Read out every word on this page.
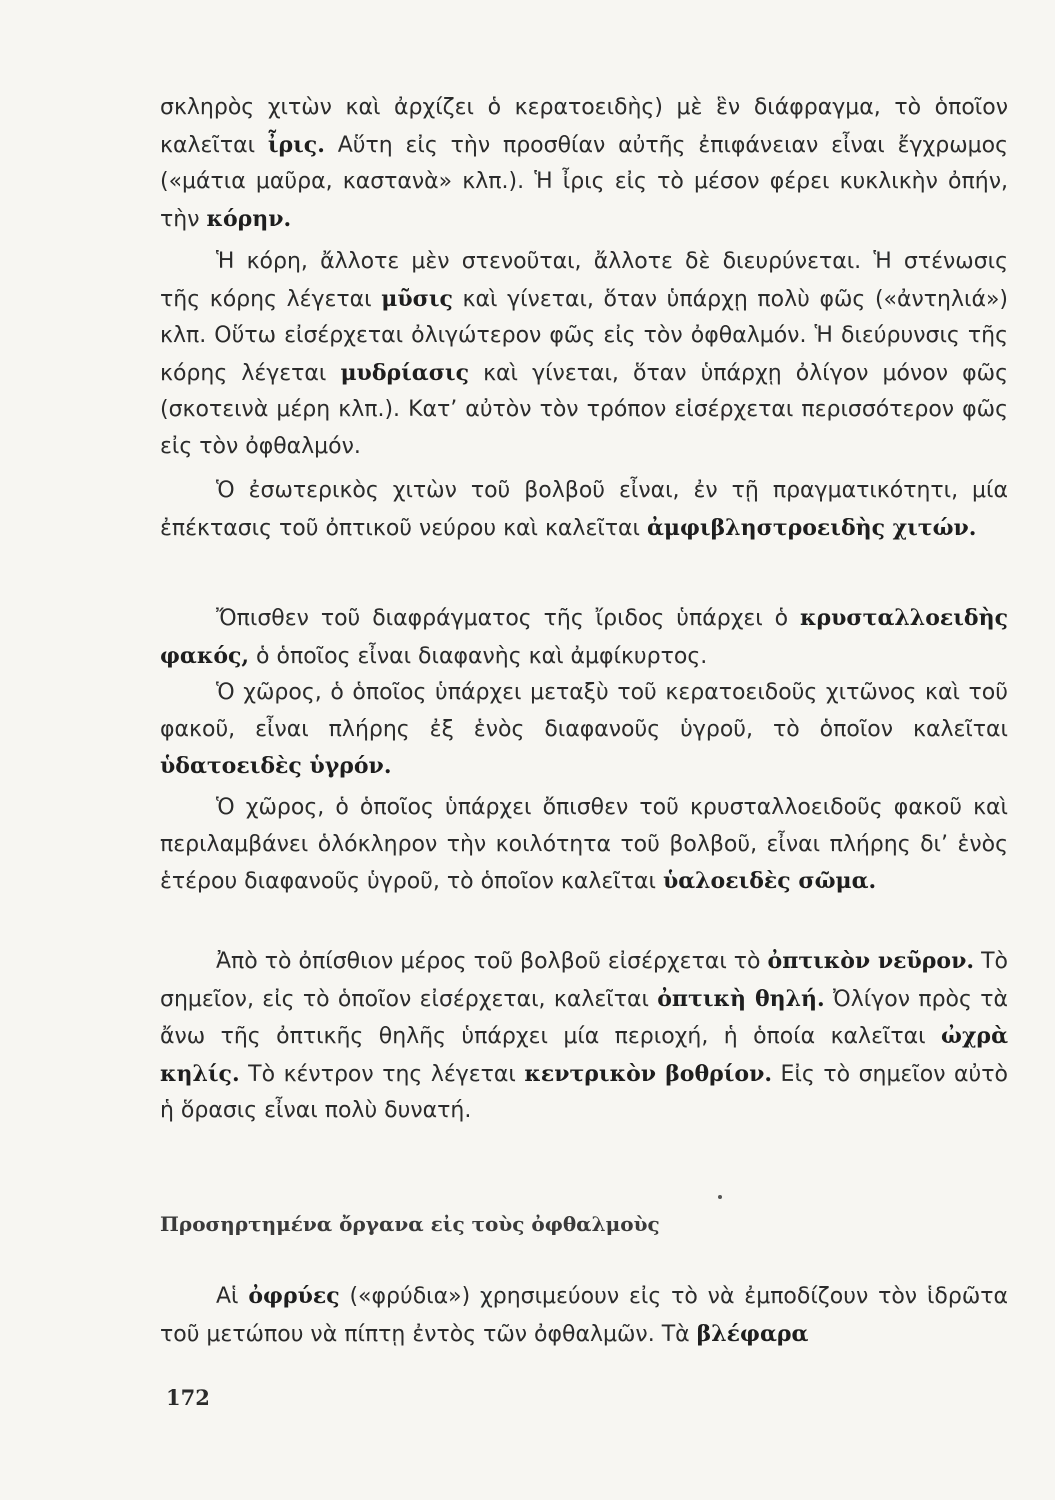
σκληρὸς χιτὼν καὶ ἀρχίζει ὁ κερατοειδὴς) μὲ ἓν διάφραγμα, τὸ ὁποῖον καλεῖται ἶρις. Αὕτη εἰς τὴν προσθίαν αὐτῆς ἐπιφάνειαν εἶναι ἔγχρωμος («μάτια μαῦρα, καστανὰ» κλπ.). Ἡ ἶρις εἰς τὸ μέσον φέρει κυκλικὴν ὀπήν, τὴν κόρην.

Ἡ κόρη, ἄλλοτε μὲν στενοῦται, ἄλλοτε δὲ διευρύνεται. Ἡ στένωσις τῆς κόρης λέγεται μῦσις καὶ γίνεται, ὅταν ὑπάρχῃ πολὺ φῶς («ἀντηλιά») κλπ. Οὕτω εἰσέρχεται ὀλιγώτερον φῶς εἰς τὸν ὀφθαλμόν. Ἡ διεύρυνσις τῆς κόρης λέγεται μυδρίασις καὶ γίνεται, ὅταν ὑπάρχῃ ὀλίγον μόνον φῶς (σκοτεινὰ μέρη κλπ.). Κατ’ αὐτὸν τὸν τρόπον εἰσέρχεται περισσότερον φῶς εἰς τὸν ὀφθαλμόν.

Ὁ ἐσωτερικὸς χιτὼν τοῦ βολβοῦ εἶναι, ἐν τῇ πραγματικότητι, μία ἐπέκτασις τοῦ ὀπτικοῦ νεύρου καὶ καλεῖται ἀμφιβληστροειδὴς χιτών.

Ὄπισθεν τοῦ διαφράγματος τῆς ἴριδος ὑπάρχει ὁ κρυσταλλοειδὴς φακός, ὁ ὁποῖος εἶναι διαφανὴς καὶ ἀμφίκυρτος.

Ὁ χῶρος, ὁ ὁποῖος ὑπάρχει μεταξὺ τοῦ κερατοειδοῦς χιτῶνος καὶ τοῦ φακοῦ, εἶναι πλήρης ἐξ ἑνὸς διαφανοῦς ὑγροῦ, τὸ ὁποῖον καλεῖται ὑδατοειδὲς ὑγρόν.

Ὁ χῶρος, ὁ ὁποῖος ὑπάρχει ὄπισθεν τοῦ κρυσταλλοειδοῦς φακοῦ καὶ περιλαμβάνει ὁλόκληρον τὴν κοιλότητα τοῦ βολβοῦ, εἶναι πλήρης δι’ ἑνὸς ἑτέρου διαφανοῦς ὑγροῦ, τὸ ὁποῖον καλεῖται ὑαλοειδὲς σῶμα.

Ἀπὸ τὸ ὀπίσθιον μέρος τοῦ βολβοῦ εἰσέρχεται τὸ ὀπτικὸν νεῦρον. Τὸ σημεῖον, εἰς τὸ ὁποῖον εἰσέρχεται, καλεῖται ὀπτικὴ θηλή. Ὀλίγον πρὸς τὰ ἄνω τῆς ὀπτικῆς θηλῆς ὑπάρχει μία περιοχή, ἡ ὁποία καλεῖται ὠχρὰ κηλίς. Τὸ κέντρον της λέγεται κεντρικὸν βοθρίον. Εἰς τὸ σημεῖον αὐτὸ ἡ ὅρασις εἶναι πολὺ δυνατή.

Προσηρτημένα ὄργανα εἰς τοὺς ὀφθαλμοὺς

Αἱ ὀφρύες («φρύδια») χρησιμεύουν εἰς τὸ νὰ ἐμποδίζουν τὸν ἱδρῶτα τοῦ μετώπου νὰ πίπτῃ ἐντὸς τῶν ὀφθαλμῶν. Τὰ βλέφαρα

172
